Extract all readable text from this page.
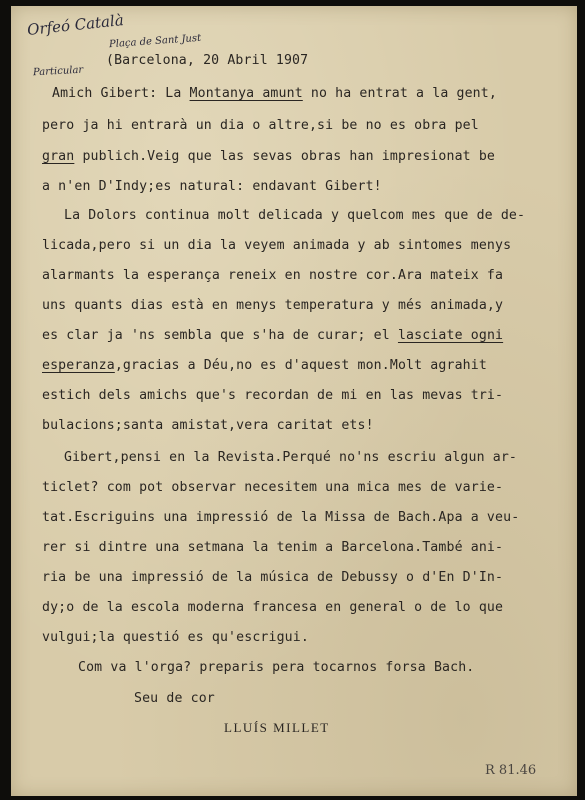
Orfeó Català
Plaça de Sant Just
Particular
(Barcelona, 20 Abril 1907
Amich Gibert: La Montanya amunt no ha entrat a la gent,
pero ja hi entrarà un dia o altre,si be no es obra pel
gran publich.Veig que las sevas obras han impresionat be
a n'en D'Indy;es natural: endavant Gibert!
La Dolors continua molt delicada y quelcom mes que de de-
licada,pero si un dia la veyem animada y ab sintomes menys
alarmants la esperança reneix en nostre cor.Ara mateix fa
uns quants dias està en menys temperatura y més animada,y
es clar ja 'ns sembla que s'ha de curar; el lasciate ogni
esperanza,gracias a Déu,no es d'aquest mon.Molt agrahit
estich dels amichs que's recordan de mi en las mevas tri-
bulacions;santa amistat,vera caritat ets!
Gibert,pensi en la Revista.Perqué no'ns escriu algun ar-
ticlet? com pot observar necesitem una mica mes de varie-
tat.Escriguins una impressió de la Missa de Bach.Apa a veu-
rer si dintre una setmana la tenim a Barcelona.També ani-
ria be una impressió de la música de Debussy o d'En D'In-
dy;o de la escola moderna francesa en general o de lo que
vulgui;la questió es qu'escrigui.
Com va l'orga? preparis pera tocarnos forsa Bach.
Seu de cor
LLUÍS MILLET
R 81.46
